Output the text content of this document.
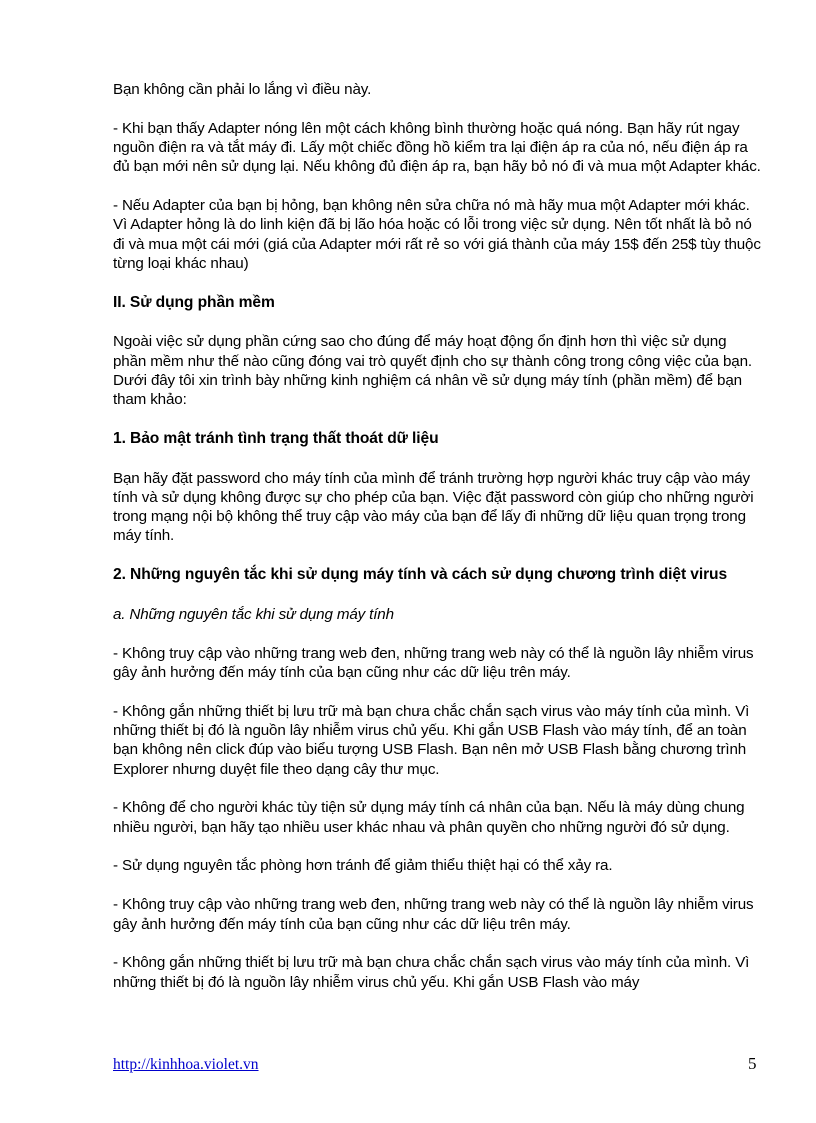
Bạn không cần phải lo lắng vì điều này.

- Khi bạn thấy Adapter nóng lên một cách không bình thường hoặc quá nóng. Bạn hãy rút ngay nguồn điện ra và tắt máy đi. Lấy một chiếc đồng hồ kiểm tra lại điện áp ra của nó, nếu điện áp ra đủ bạn mới nên sử dụng lại. Nếu không đủ điện áp ra, bạn hãy bỏ nó đi và mua một Adapter khác.

- Nếu Adapter của bạn bị hỏng, bạn không nên sửa chữa nó mà hãy mua một Adapter mới khác. Vì Adapter hỏng là do linh kiện đã bị lão hóa hoặc có lỗi trong việc sử dụng. Nên tốt nhất là bỏ nó đi và mua một cái mới (giá của Adapter mới rất rẻ so với giá thành của máy 15$ đến 25$ tùy thuộc từng loại khác nhau)

II. Sử dụng phần mềm

Ngoài việc sử dụng phần cứng sao cho đúng để máy hoạt động ổn định hơn thì việc sử dụng phần mềm như thế nào cũng đóng vai trò quyết định cho sự thành công trong công việc của bạn. Dưới đây tôi xin trình bày những kinh nghiệm cá nhân về sử dụng máy tính (phần mềm) để bạn tham khảo:

1. Bảo mật tránh tình trạng thất thoát dữ liệu

Bạn hãy đặt password cho máy tính của mình để tránh trường hợp người khác truy cập vào máy tính và sử dụng không được sự cho phép của bạn. Việc đặt password còn giúp cho những người trong mạng nội bộ không thể truy cập vào máy của bạn để lấy đi những dữ liệu quan trọng trong máy tính.

2. Những nguyên tắc khi sử dụng máy tính và cách sử dụng chương trình diệt virus

a. Những nguyên tắc khi sử dụng máy tính

- Không truy cập vào những trang web đen, những trang web này có thể là nguồn lây nhiễm virus gây ảnh hưởng đến máy tính của bạn cũng như các dữ liệu trên máy.

- Không gắn những thiết bị lưu trữ mà bạn chưa chắc chắn sạch virus vào máy tính của mình. Vì những thiết bị đó là nguồn lây nhiễm virus chủ yếu. Khi gắn USB Flash vào máy tính, để an toàn bạn không nên click đúp vào biểu tượng USB Flash. Bạn nên mở USB Flash bằng chương trình Explorer nhưng duyệt file theo dạng cây thư mục.

- Không để cho người khác tùy tiện sử dụng máy tính cá nhân của bạn. Nếu là máy dùng chung nhiều người, bạn hãy tạo nhiều user khác nhau và phân quyền cho những người đó sử dụng.

- Sử dụng nguyên tắc phòng hơn tránh để giảm thiểu thiệt hại có thể xảy ra.

- Không truy cập vào những trang web đen, những trang web này có thể là nguồn lây nhiễm virus gây ảnh hưởng đến máy tính của bạn cũng như các dữ liệu trên máy.

- Không gắn những thiết bị lưu trữ mà bạn chưa chắc chắn sạch virus vào máy tính của mình. Vì những thiết bị đó là nguồn lây nhiễm virus chủ yếu. Khi gắn USB Flash vào máy

http://kinhhoa.violet.vn	5
